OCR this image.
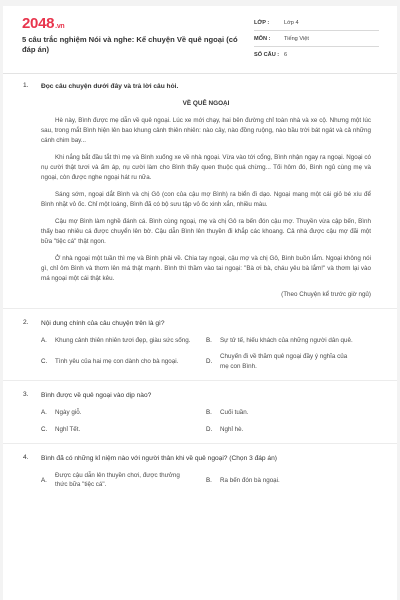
2048.vn
5 câu trắc nghiệm Nói và nghe: Kể chuyện Về quê ngoại (có đáp án)
LỚP :	Lớp 4
MÔN :	Tiếng Việt
SỐ CÂU : 6
1. Đọc câu chuyện dưới đây và trả lời câu hỏi.
VỀ QUÊ NGOẠI

Hè này, Bình được mẹ dẫn về quê ngoại. Lúc xe mới chạy, hai bên đường chỉ toàn nhà và xe cộ. Nhưng một lúc sau, trong mắt Bình hiện lên bao khung cảnh thiên nhiên: nào cây, nào đồng ruộng, nào bầu trời bát ngát và cả những cánh chim bay...

Khi nắng bắt đầu tắt thì mẹ và Bình xuống xe về nhà ngoại. Vừa vào tới cổng, Bình nhận ngay ra ngoại. Ngoại có nụ cười thật tươi và ấm áp, nụ cười làm cho Bình thấy quen thuộc quá chừng... Tối hôm đó, Bình ngủ cùng mẹ và ngoại, còn được nghe ngoại hát ru nữa.

Sáng sớm, ngoại dắt Bình và chị Gô (con của cậu mợ Bình) ra biển đi dạo. Ngoại mang một cái giỏ bé xíu để Bình nhặt vỏ ốc. Chỉ một loáng, Bình đã có bộ sưu tập vỏ ốc xinh xắn, nhiều màu.

Cậu mợ Bình làm nghề đánh cá. Bình cùng ngoại, mẹ và chị Gô ra bến đón cậu mợ. Thuyền vừa cập bến, Bình thấy bao nhiêu cá được chuyển lên bờ. Cậu dẫn Bình lên thuyền đi khắp các khoang. Cả nhà được cậu mợ đãi một bữa "tiệc cá" thật ngon.

Ở nhà ngoại một tuần thì mẹ và Bình phải về. Chia tay ngoại, cậu mợ và chị Gô, Bình buồn lắm. Ngoại không nói gì, chỉ ôm Bình và thơm lên má thật mạnh. Bình thì thầm vào tai ngoại: "Bà ơi bà, cháu yêu bà lắm!" và thơm lại vào má ngoại một cái thật kêu.

(Theo Chuyện kể trước giờ ngủ)
2. Nội dung chính của câu chuyện trên là gì?
A.	Khung cảnh thiên nhiên tươi đẹp, giàu sức sống. B.	Sự tử tế, hiếu khách của những người dân quê.
C.	Tình yêu của hai mẹ con dành cho bà ngoại.	D.
Chuyến đi về thăm quê ngoại đầy ý nghĩa của mẹ con Bình.
3. Bình được về quê ngoại vào dịp nào?
A.	Ngày giỗ.	B.	Cuối tuần.
C.	Nghỉ Tết.	D.	Nghỉ hè.
4. Bình đã có những kỉ niệm nào với người thân khi về quê ngoại? (Chọn 3 đáp án)
A.
Được cậu dẫn lên thuyền chơi, được thưởng thức bữa "tiệc cá".
B.	Ra bến đón bà ngoại.
